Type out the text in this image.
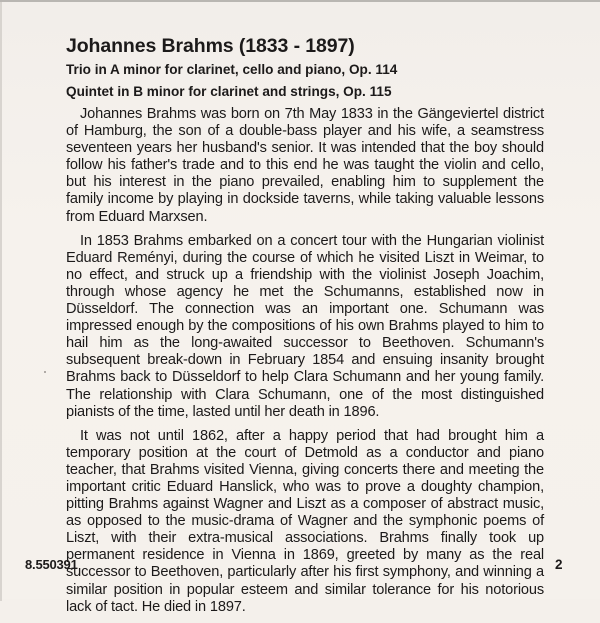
Johannes Brahms (1833 - 1897)
Trio in A minor for clarinet, cello and piano, Op. 114
Quintet in B minor for clarinet and strings, Op. 115

Johannes Brahms was born on 7th May 1833 in the Gängeviertel district of Hamburg, the son of a double-bass player and his wife, a seamstress seventeen years her husband's senior. It was intended that the boy should follow his father's trade and to this end he was taught the violin and cello, but his interest in the piano prevailed, enabling him to supplement the family income by playing in dockside taverns, while taking valuable lessons from Eduard Marxsen.

In 1853 Brahms embarked on a concert tour with the Hungarian violinist Eduard Reményi, during the course of which he visited Liszt in Weimar, to no effect, and struck up a friendship with the violinist Joseph Joachim, through whose agency he met the Schumanns, established now in Düsseldorf. The connection was an important one. Schumann was impressed enough by the compositions of his own Brahms played to him to hail him as the long-awaited successor to Beethoven. Schumann's subsequent break-down in February 1854 and ensuing insanity brought Brahms back to Düsseldorf to help Clara Schumann and her young family. The relationship with Clara Schumann, one of the most distinguished pianists of the time, lasted until her death in 1896.

It was not until 1862, after a happy period that had brought him a temporary position at the court of Detmold as a conductor and piano teacher, that Brahms visited Vienna, giving concerts there and meeting the important critic Eduard Hanslick, who was to prove a doughty champion, pitting Brahms against Wagner and Liszt as a composer of abstract music, as opposed to the music-drama of Wagner and the symphonic poems of Liszt, with their extra-musical associations. Brahms finally took up permanent residence in Vienna in 1869, greeted by many as the real successor to Beethoven, particularly after his first symphony, and winning a similar position in popular esteem and similar tolerance for his notorious lack of tact. He died in 1897.

8.550391	2
